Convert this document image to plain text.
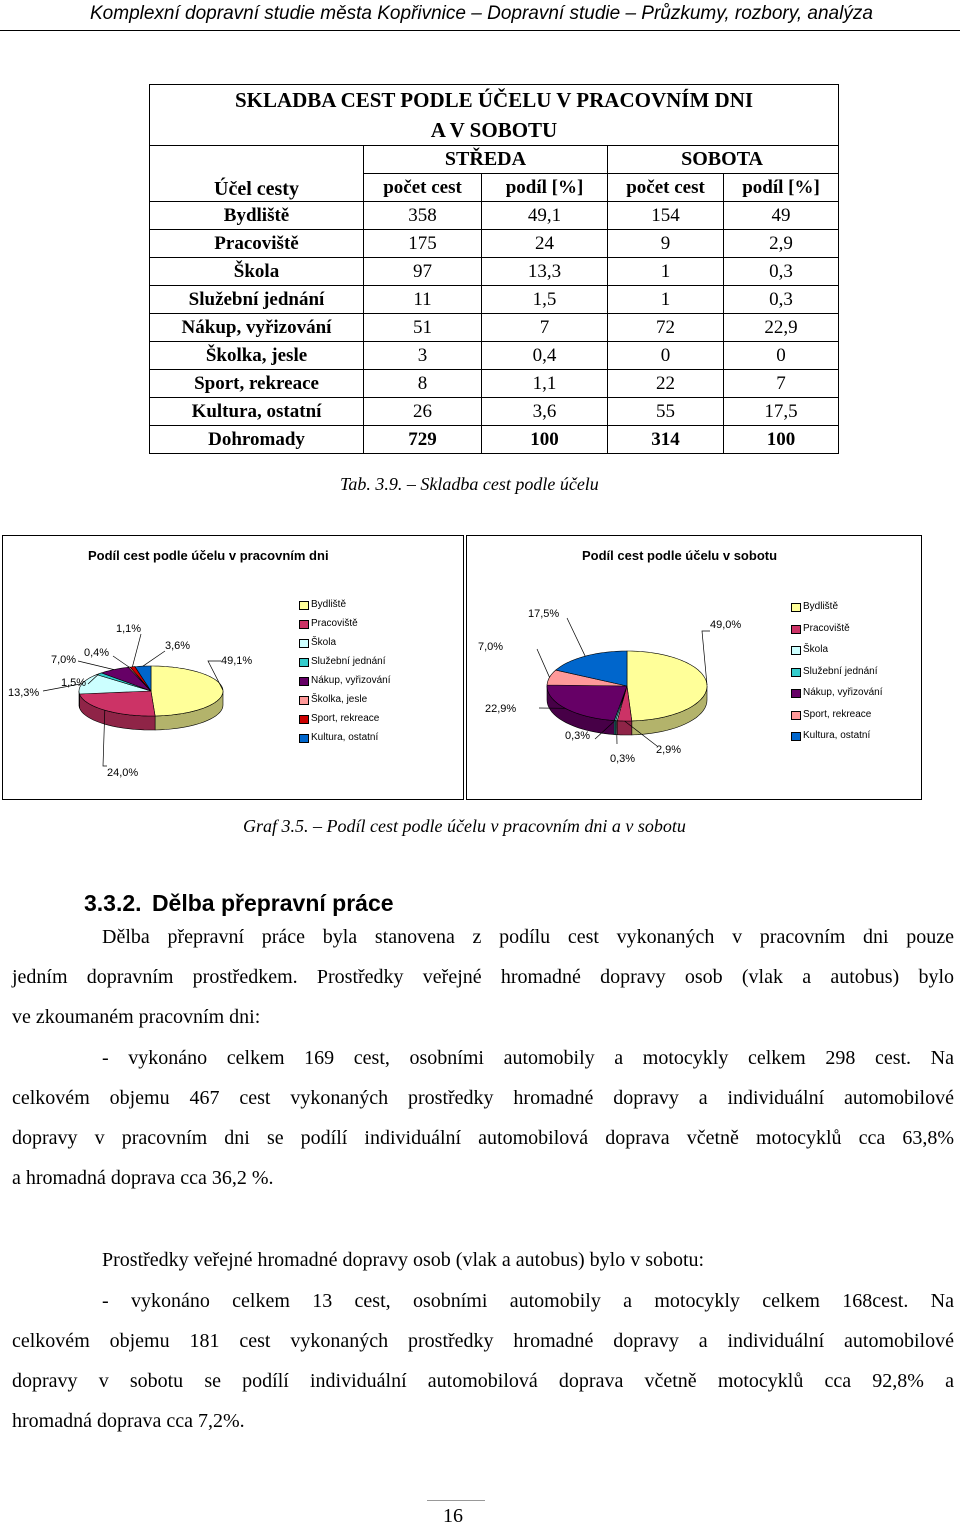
Komplexní dopravní studie města Kopřivnice – Dopravní studie – Průzkumy, rozbory, analýza
SKLADBA CEST PODLE ÚČELU V PRACOVNÍM DNI				
A V SOBOTU				
Účel cesty	STŘEDA		SOBOTA	
	počet cest	podíl [%]	počet cest	podíl [%]
Bydliště	358	49,1	154	49
Pracoviště	175	24	9	2,9
Škola	97	13,3	1	0,3
Služební jednání	11	1,5	1	0,3
Nákup, vyřizování	51	7	72	22,9
Školka, jesle	3	0,4	0	0
Sport, rekreace	8	1,1	22	7
Kultura, ostatní	26	3,6	55	17,5
Dohromady	729	100	314	100
Tab. 3.9. – Skladba cest podle účelu
Podíl cest podle účelu v pracovním dni
49,1%
24,0%
13,3%
1,5%
7,0%
0,4%
1,1%
3,6%
Bydliště
Pracoviště
Škola
Služební jednání
Nákup, vyřizování
Školka, jesle
Sport, rekreace
Kultura, ostatní
Podíl cest podle účelu v sobotu
49,0%
2,9%
0,3%
0,3%
22,9%
7,0%
17,5%
Bydliště
Pracoviště
Škola
Služební jednání
Nákup, vyřizování
Sport, rekreace
Kultura, ostatní
Graf 3.5. – Podíl cest podle účelu v pracovním dni a v sobotu
3.3.2. Dělba přepravní práce
Dělba přepravní práce byla stanovena z podílu cest vykonaných v pracovním dni pouze
jedním dopravním prostředkem. Prostředky veřejné hromadné dopravy osob (vlak a autobus) bylo
ve zkoumaném pracovním dni:
- vykonáno celkem 169 cest, osobními automobily a motocykly celkem 298 cest. Na
celkovém objemu 467 cest vykonaných prostředky hromadné dopravy a individuální automobilové
dopravy v pracovním dni se podílí individuální automobilová doprava včetně motocyklů cca 63,8%
a hromadná doprava cca 36,2 %.
Prostředky veřejné hromadné dopravy osob (vlak a autobus) bylo v sobotu:
- vykonáno celkem 13 cest, osobními automobily a motocykly celkem 168cest. Na
celkovém objemu 181 cest vykonaných prostředky hromadné dopravy a individuální automobilové
dopravy v sobotu se podílí individuální automobilová doprava včetně motocyklů cca 92,8% a
hromadná doprava cca 7,2%.
16
